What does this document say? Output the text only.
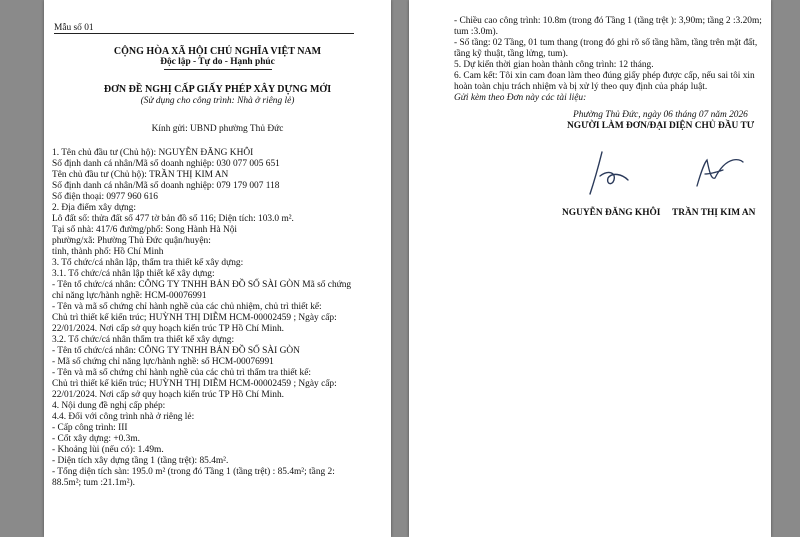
Mẫu số 01
CỘNG HÒA XÃ HỘI CHỦ NGHĨA VIỆT NAM
Độc lập - Tự do - Hạnh phúc
ĐƠN ĐỀ NGHỊ CẤP GIẤY PHÉP XÂY DỰNG MỚI
(Sử dụng cho công trình: Nhà ở riêng lẻ)
Kính gửi: UBND phường Thủ Đức
1. Tên chủ đầu tư (Chủ hộ): NGUYỄN ĐĂNG KHÔI
Số định danh cá nhân/Mã số doanh nghiệp: 030 077 005 651
Tên chủ đầu tư (Chủ hộ): TRẦN THỊ KIM AN
Số định danh cá nhân/Mã số doanh nghiệp: 079 179 007 118
Số điện thoại: 0977 960 616
2. Địa điểm xây dựng:
Lô đất số: thửa đất số 477 tờ bản đồ số 116; Diện tích: 103.0 m².
Tại số nhà: 417/6 đường/phố: Song Hành Hà Nội
phường/xã: Phường Thủ Đức quận/huyện:
tỉnh, thành phố: Hồ Chí Minh
3. Tổ chức/cá nhân lập, thẩm tra thiết kế xây dựng:
3.1. Tổ chức/cá nhân lập thiết kế xây dựng:
- Tên tổ chức/cá nhân: CÔNG TY TNHH BẢN ĐỒ SỐ SÀI GÒN Mã số chứng
chỉ năng lực/hành nghề: HCM-00076991
- Tên và mã số chứng chỉ hành nghề của các chủ nhiệm, chủ trì thiết kế:
Chủ trì thiết kế kiến trúc; HUỲNH THỊ DIỄM HCM-00002459 ; Ngày cấp:
22/01/2024. Nơi cấp sở quy hoạch kiến trúc TP Hồ Chí Minh.
3.2. Tổ chức/cá nhân thẩm tra thiết kế xây dựng:
- Tên tổ chức/cá nhân: CÔNG TY TNHH BẢN ĐỒ SỐ SÀI GÒN
- Mã số chứng chỉ năng lực/hành nghề: số HCM-00076991
- Tên và mã số chứng chỉ hành nghề của các chủ trì thẩm tra thiết kế:
Chủ trì thiết kế kiến trúc; HUỲNH THỊ DIỄM HCM-00002459 ; Ngày cấp:
22/01/2024. Nơi cấp sở quy hoạch kiến trúc TP Hồ Chí Minh.
4. Nội dung đề nghị cấp phép:
4.4. Đối với công trình nhà ở riêng lẻ:
- Cấp công trình: III
- Cốt xây dựng: +0.3m.
- Khoảng lùi (nếu có): 1.49m.
- Diện tích xây dựng tầng 1 (tầng trệt): 85.4m².
- Tổng diện tích sàn: 195.0 m² (trong đó Tầng 1 (tầng trệt) : 85.4m²; tầng 2:
88.5m²; tum :21.1m²).
- Chiều cao công trình: 10.8m (trong đó Tầng 1 (tầng trệt ): 3,90m; tầng 2 :3.20m;
tum :3.0m).
- Số tầng: 02 Tầng, 01 tum thang (trong đó ghi rõ số tầng hầm, tầng trên mặt đất,
tầng kỹ thuật, tầng lửng, tum).
5. Dự kiến thời gian hoàn thành công trình: 12 tháng.
6. Cam kết: Tôi xin cam đoan làm theo đúng giấy phép được cấp, nếu sai tôi xin
hoàn toàn chịu trách nhiệm và bị xử lý theo quy định của pháp luật.
Gửi kèm theo Đơn này các tài liệu:
Phường Thủ Đức, ngày 06 tháng 07 năm 2026
NGƯỜI LÀM ĐƠN/ĐẠI DIỆN CHỦ ĐẦU TƯ
NGUYỄN ĐĂNG KHÔI TRẦN THỊ KIM AN
